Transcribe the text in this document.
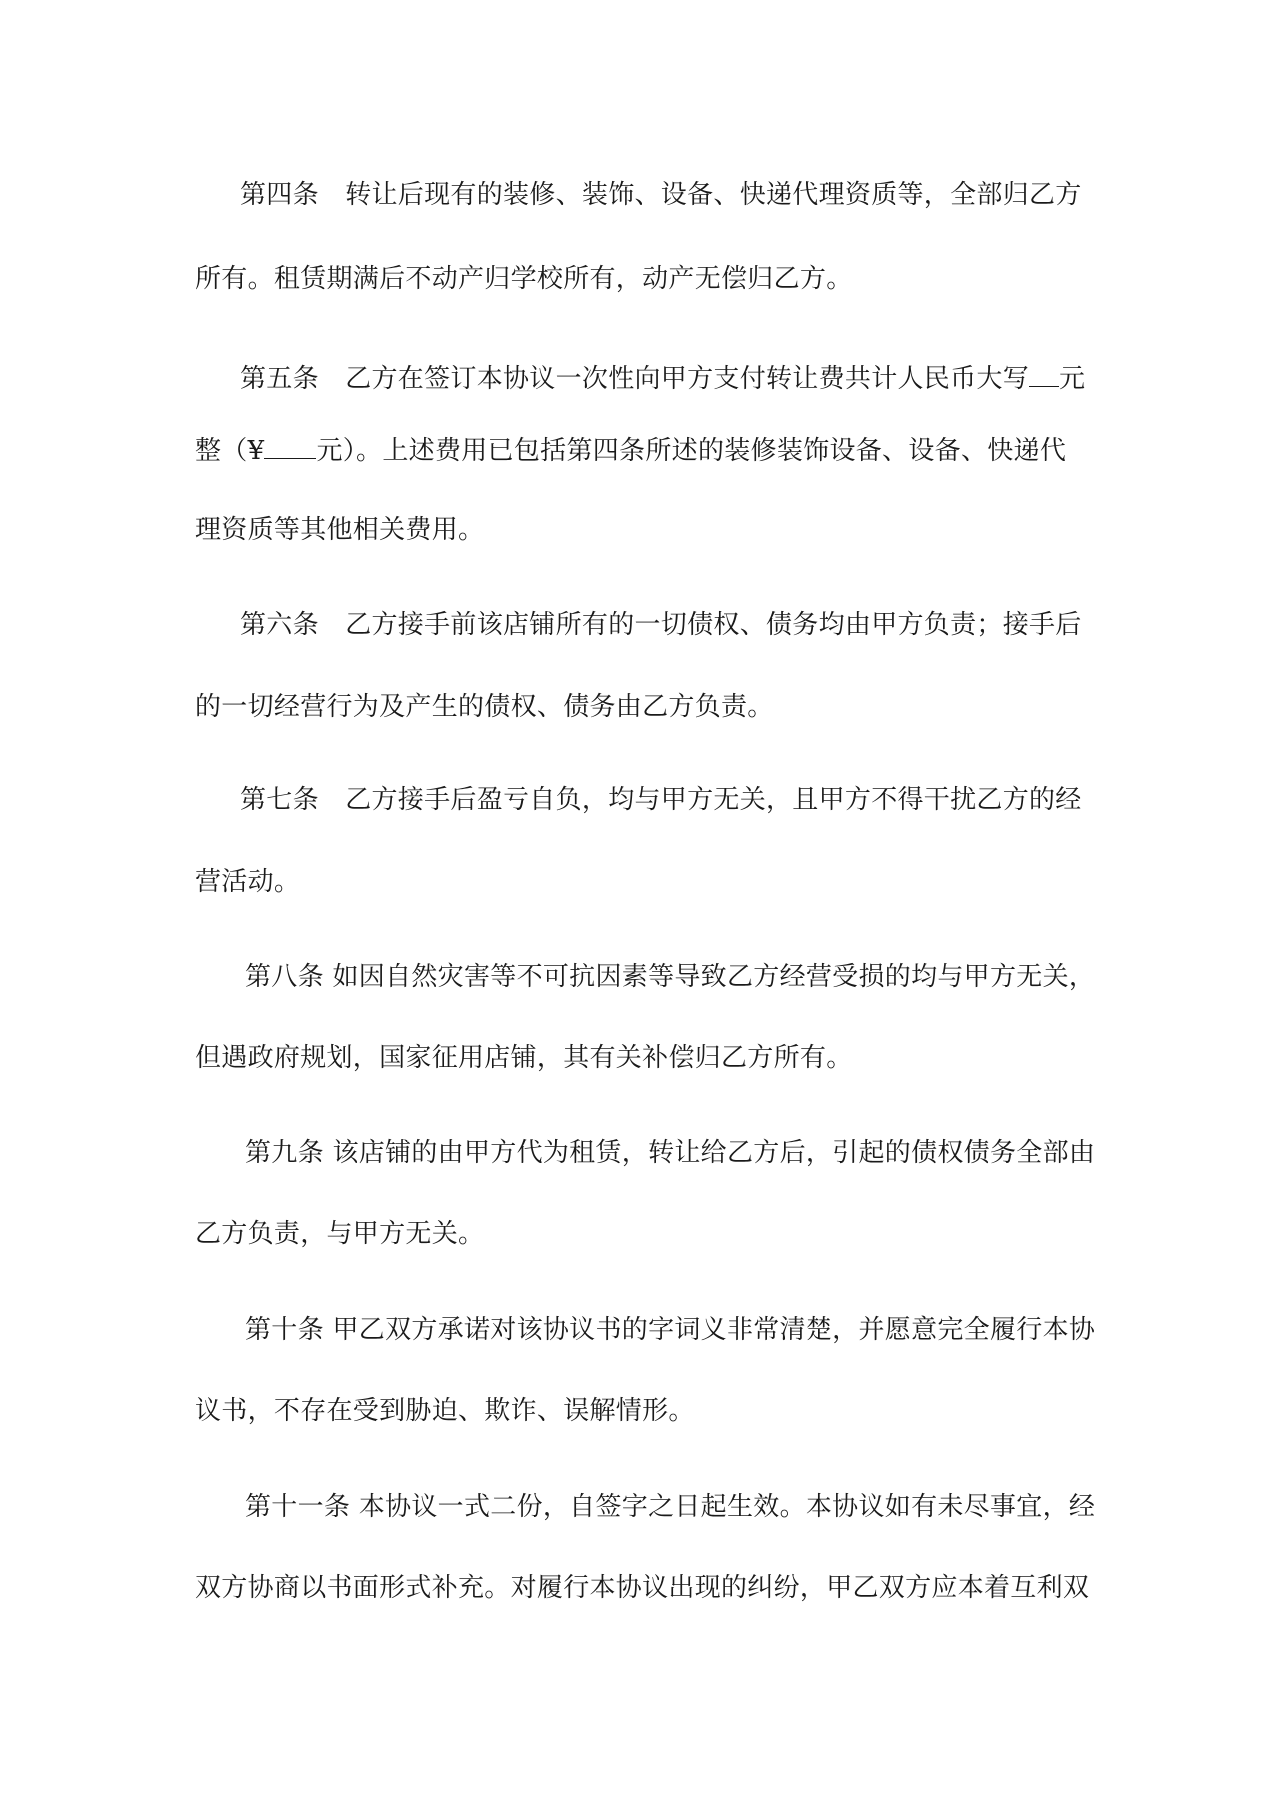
第四条　转让后现有的装修、装饰、设备、快递代理资质等，全部归乙方
所有。租赁期满后不动产归学校所有，动产无偿归乙方。
第五条　乙方在签订本协议一次性向甲方支付转让费共计人民币大写 元
整（¥ 元）。上述费用已包括第四条所述的装修装饰设备、设备、快递代
理资质等其他相关费用。
第六条　乙方接手前该店铺所有的一切债权、债务均由甲方负责；接手后
的一切经营行为及产生的债权、债务由乙方负责。
第七条　乙方接手后盈亏自负，均与甲方无关，且甲方不得干扰乙方的经
营活动。
第八条 如因自然灾害等不可抗因素等导致乙方经营受损的均与甲方无关，
但遇政府规划，国家征用店铺，其有关补偿归乙方所有。
第九条 该店铺的由甲方代为租赁，转让给乙方后，引起的债权债务全部由
乙方负责，与甲方无关。
第十条 甲乙双方承诺对该协议书的字词义非常清楚，并愿意完全履行本协
议书，不存在受到胁迫、欺诈、误解情形。
第十一条 本协议一式二份，自签字之日起生效。本协议如有未尽事宜，经
双方协商以书面形式补充。对履行本协议出现的纠纷，甲乙双方应本着互利双
